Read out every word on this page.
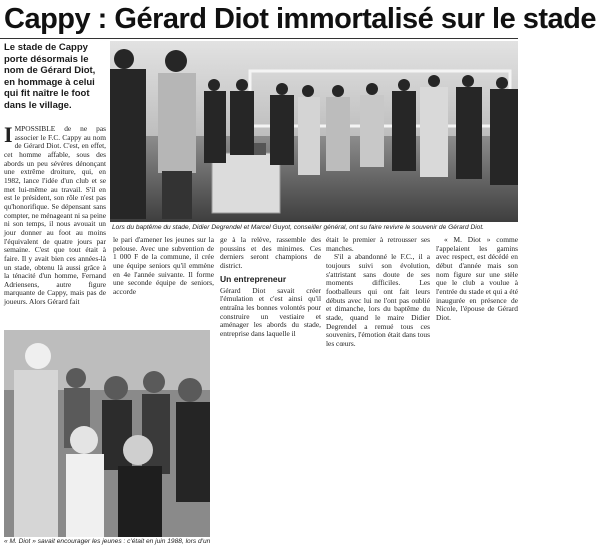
Cappy : Gérard Diot immortalisé sur le stade
Le stade de Cappy porte désormais le nom de Gérard Diot, en hommage à celui qui fit naître le foot dans le village.
Lors du baptême du stade, Didier Degrendel et Marcel Guyot, conseiller général, ont su faire revivre le souvenir de Gérard Diot.
I MPOSSIBLE de ne pas associer le F.C. Cappy au nom de Gérard Diot. C'est, en effet, cet homme affable, sous des abords un peu sévères dénonçant une extrême droiture, qui, en 1982, lance l'idée d'un club et se met lui-même au travail. S'il en est le président, son rôle n'est pas qu'honorifique. Se dépensant sans compter, ne ménageant ni sa peine ni son temps, il nous avouait un jour donner au foot au moins l'équivalent de quatre jours par semaine. C'est que tout était à faire. Il y avait bien ces années-là un stade, obtenu là aussi grâce à la ténacité d'un homme, Fernand Adriensens, autre figure marquante de Cappy, mais pas de joueurs. Alors Gérard fait

le pari d'amener les jeunes sur la pelouse. Avec une subvention de 1 000 F de la commune, il crée une équipe seniors qu'il emmène en 4e l'année suivante. Il forme une seconde équipe de seniors, accorde

ge à la relève, rassemble des poussins et des minimes. Ces derniers seront champions de district.

Un entrepreneur

Gérard Diot savait créer l'émulation et c'est ainsi qu'il entraîna les bonnes volontés pour construire un vestiaire et aménager les abords du stade, entreprise dans laquelle il

était le premier à retrousser ses manches.

S'il a abandonné le F.C., il a toujours suivi son évolution, s'attristant sans doute de ses moments difficiles. Les footballeurs qui ont fait leurs débuts avec lui ne l'ont pas oublié et dimanche, lors du baptême du stade, quand le maire Didier Degrendel a remué tous ces souvenirs, l'émotion était dans tous les cœurs.

« M. Diot » comme l'appelaient les gamins avec respect, est décédé en début d'année mais son nom figure sur une stèle que le club a voulue à l'entrée du stade et qui a été inaugurée en présence de Nicole, l'épouse de Gérard Diot.

« M. Diot » savait encourager les jeunes : c'était en juin 1988, lors d'un
